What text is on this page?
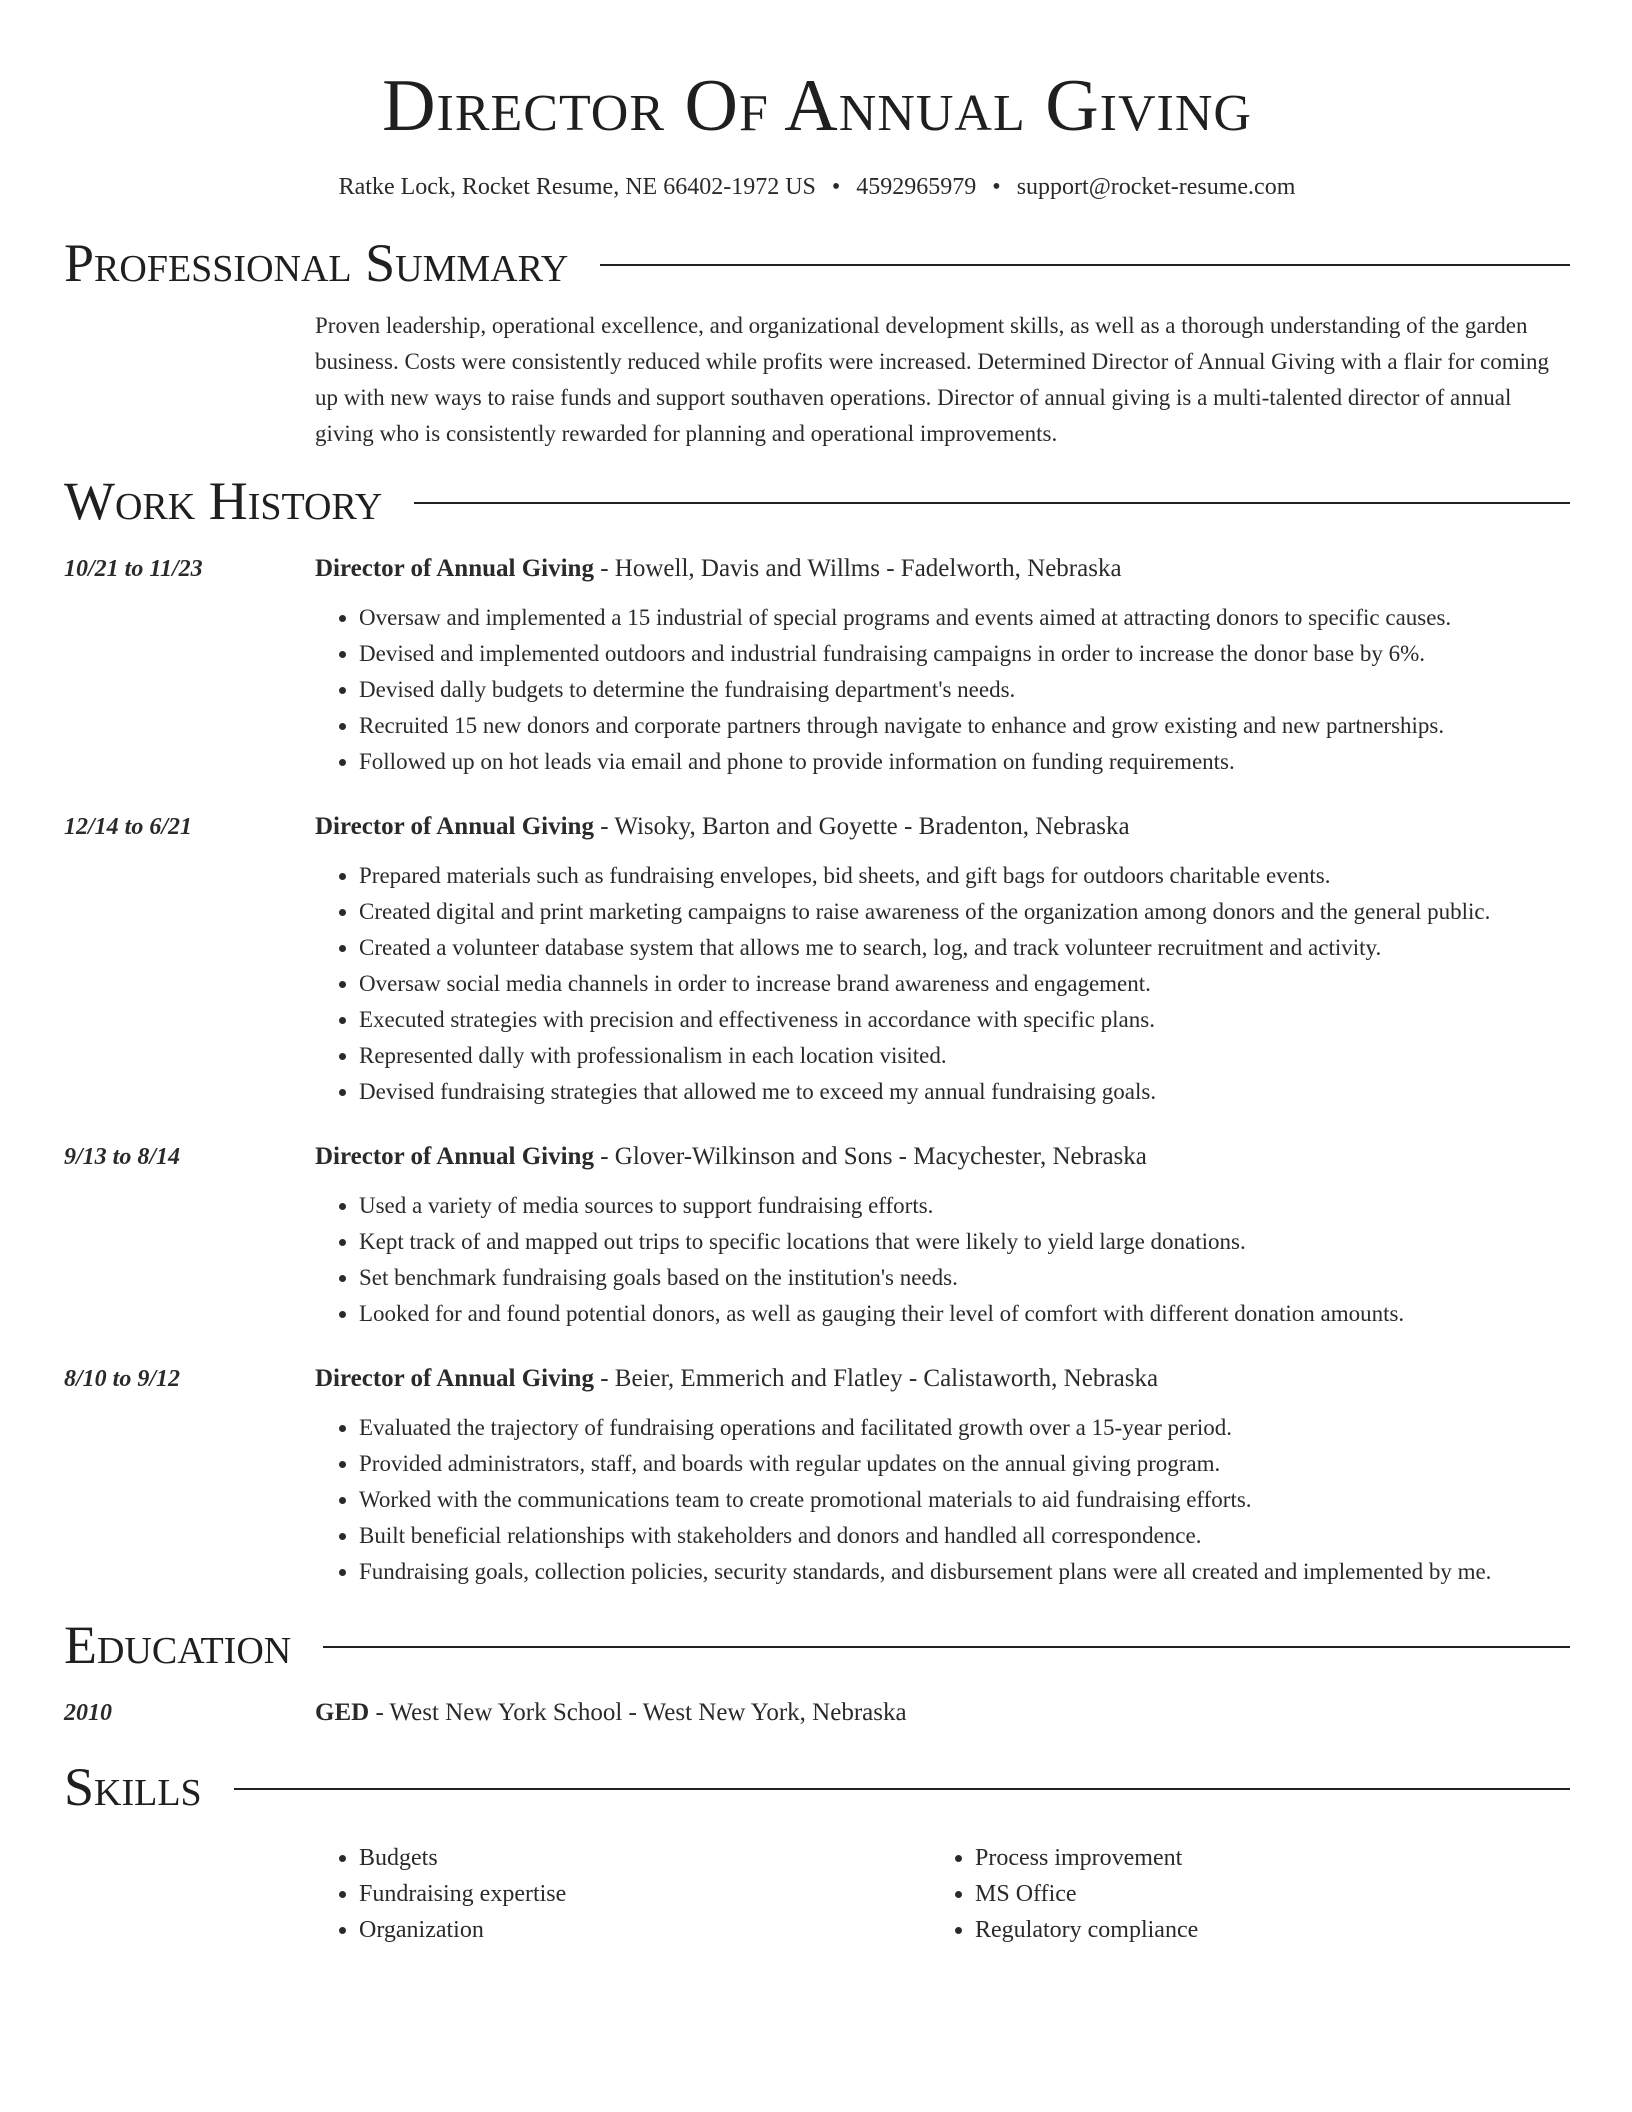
Director Of Annual Giving
Ratke Lock, Rocket Resume, NE 66402-1972 US • 4592965979 • support@rocket-resume.com
Professional Summary
Proven leadership, operational excellence, and organizational development skills, as well as a thorough understanding of the garden business. Costs were consistently reduced while profits were increased. Determined Director of Annual Giving with a flair for coming up with new ways to raise funds and support southaven operations. Director of annual giving is a multi-talented director of annual giving who is consistently rewarded for planning and operational improvements.
Work History
10/21 to 11/23	Director of Annual Giving - Howell, Davis and Willms - Fadelworth, Nebraska
• Oversaw and implemented a 15 industrial of special programs and events aimed at attracting donors to specific causes.
• Devised and implemented outdoors and industrial fundraising campaigns in order to increase the donor base by 6%.
• Devised dally budgets to determine the fundraising department's needs.
• Recruited 15 new donors and corporate partners through navigate to enhance and grow existing and new partnerships.
• Followed up on hot leads via email and phone to provide information on funding requirements.
12/14 to 6/21	Director of Annual Giving - Wisoky, Barton and Goyette - Bradenton, Nebraska
• Prepared materials such as fundraising envelopes, bid sheets, and gift bags for outdoors charitable events.
• Created digital and print marketing campaigns to raise awareness of the organization among donors and the general public.
• Created a volunteer database system that allows me to search, log, and track volunteer recruitment and activity.
• Oversaw social media channels in order to increase brand awareness and engagement.
• Executed strategies with precision and effectiveness in accordance with specific plans.
• Represented dally with professionalism in each location visited.
• Devised fundraising strategies that allowed me to exceed my annual fundraising goals.
9/13 to 8/14	Director of Annual Giving - Glover-Wilkinson and Sons - Macychester, Nebraska
• Used a variety of media sources to support fundraising efforts.
• Kept track of and mapped out trips to specific locations that were likely to yield large donations.
• Set benchmark fundraising goals based on the institution's needs.
• Looked for and found potential donors, as well as gauging their level of comfort with different donation amounts.
8/10 to 9/12	Director of Annual Giving - Beier, Emmerich and Flatley - Calistaworth, Nebraska
• Evaluated the trajectory of fundraising operations and facilitated growth over a 15-year period.
• Provided administrators, staff, and boards with regular updates on the annual giving program.
• Worked with the communications team to create promotional materials to aid fundraising efforts.
• Built beneficial relationships with stakeholders and donors and handled all correspondence.
• Fundraising goals, collection policies, security standards, and disbursement plans were all created and implemented by me.
Education
2010	GED - West New York School - West New York, Nebraska
Skills
• Budgets
• Fundraising expertise
• Organization
• Process improvement
• MS Office
• Regulatory compliance
